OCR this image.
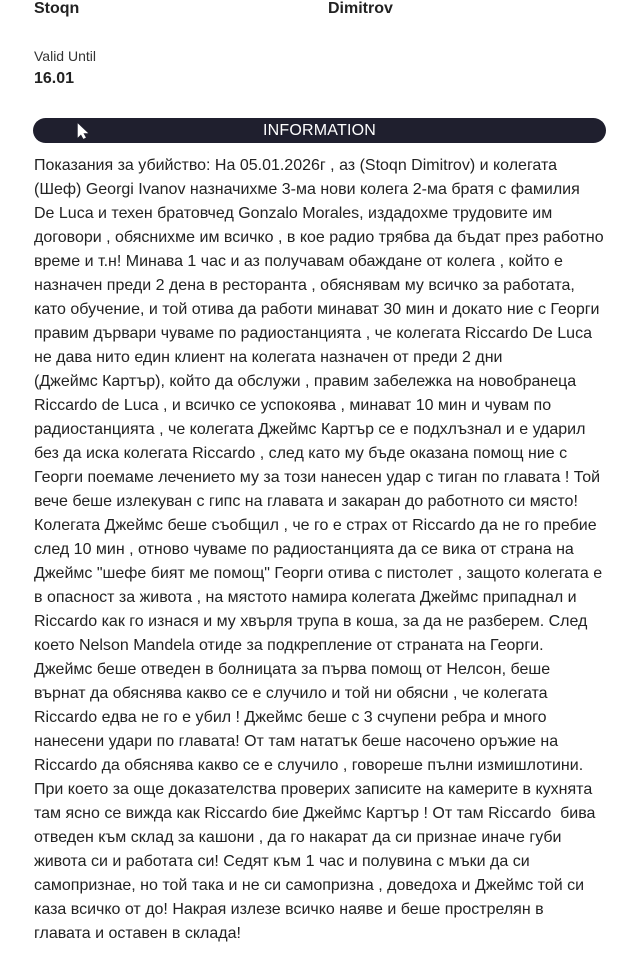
Stoqn	Dimitrov
Valid Until
16.01
INFORMATION
Показания за убийство: На 05.01.2026г , аз (Stoqn Dimitrov) и колегата (Шеф) Georgi Ivanov назначихме 3-ма нови колега 2-ма братя с фамилия De Luca и техен братовчед Gonzalo Morales, издадохме трудовите им договори , обяснихме им всичко , в кое радио трябва да бъдат през работно време и т.н! Минава 1 час и аз получавам обаждане от колега , който е назначен преди 2 дена в ресторанта , обяснявам му всичко за работата, като обучение, и той отива да работи минават 30 мин и докато ние с Георги правим дървари чуваме по радиостанцията , че колегата Riccardo De Luca не дава нито един клиент на колегата назначен от преди 2 дни
(Джеймс Картър), който да обслужи , правим забележка на новобранеца Riccardo de Luca , и всичко се успокоява , минават 10 мин и чувам по радиостанцията , че колегата Джеймс Картър се е подхлъзнал и е ударил без да иска колегата Riccardo , след като му бъде оказана помощ ние с Георги поемаме лечението му за този нанесен удар с тиган по главата ! Той вече беше излекуван с гипс на главата и закаран до работното си място! Колегата Джеймс беше съобщил , че го е страх от Riccardo да не го пребие след 10 мин , отново чуваме по радиостанцията да се вика от страна на Джеймс "шефе бият ме помощ" Георги отива с пистолет , защото колегата е в опасност за живота , на мястото намира колегата Джеймс припаднал и Riccardo как го изнася и му хвърля трупа в коша, за да не разберем. След  което Nelson Mandela отиде за подкрепление от страната на Георги. Джеймс беше отведен в болницата за първа помощ от Нелсон, беше върнат да обяснява какво се е случило и той ни обясни , че колегата Riccardo едва не го е убил ! Джеймс беше с 3 счупени ребра и много нанесени удари по главата! От там нататък беше насочено оръжие на Riccardo да обяснява какво се е случило , говореше пълни измишлотини. При което за още доказателства проверих записите на камерите в кухнята там ясно се вижда как Riccardo бие Джеймс Картър ! От там Riccardo  бива отведен към склад за кашони , да го накарат да си признае иначе губи живота си и работата си! Седят към 1 час и полувина с мъки да си самопризнае, но той така и не си самопризна , доведоха и Джеймс той си каза всичко от до! Накрая излезе всичко наяве и беше прострелян в главата и оставен в склада!
